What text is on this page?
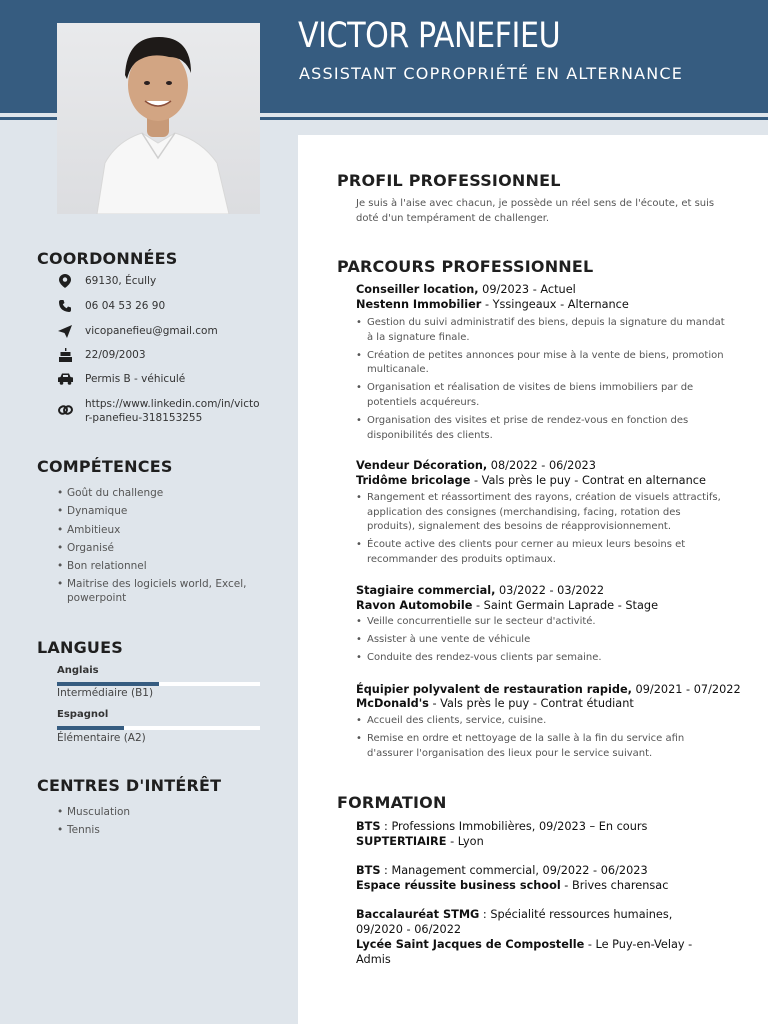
VICTOR PANEFIEU
ASSISTANT COPROPRIÉTÉ EN ALTERNANCE
COORDONNÉES
69130, Écully
06 04 53 26 90
vicopanefieu@gmail.com
22/09/2003
Permis B - véhiculé
https://www.linkedin.com/in/victor-panefieu-318153255
COMPÉTENCES
• Goût du challenge
• Dynamique
• Ambitieux
• Organisé
• Bon relationnel
• Maitrise des logiciels world, Excel, powerpoint
LANGUES
Anglais
Intermédiaire (B1)
Espagnol
Élémentaire (A2)
CENTRES D'INTÉRÊT
• Musculation
• Tennis
PROFIL PROFESSIONNEL
Je suis à l'aise avec chacun, je possède un réel sens de l'écoute, et suis doté d'un tempérament de challenger.
PARCOURS PROFESSIONNEL
Conseiller location, 09/2023 - Actuel
Nestenn Immobilier - Yssingeaux - Alternance
• Gestion du suivi administratif des biens, depuis la signature du mandat à la signature finale.
• Création de petites annonces pour mise à la vente de biens, promotion multicanale.
• Organisation et réalisation de visites de biens immobiliers par de potentiels acquéreurs.
• Organisation des visites et prise de rendez-vous en fonction des disponibilités des clients.
Vendeur Décoration, 08/2022 - 06/2023
Tridôme bricolage - Vals près le puy - Contrat en alternance
• Rangement et réassortiment des rayons, création de visuels attractifs, application des consignes (merchandising, facing, rotation des produits), signalement des besoins de réapprovisionnement.
• Écoute active des clients pour cerner au mieux leurs besoins et recommander des produits optimaux.
Stagiaire commercial, 03/2022 - 03/2022
Ravon Automobile - Saint Germain Laprade - Stage
• Veille concurrentielle sur le secteur d'activité.
• Assister à une vente de véhicule
• Conduite des rendez-vous clients par semaine.
Équipier polyvalent de restauration rapide, 09/2021 - 07/2022
McDonald's - Vals près le puy - Contrat étudiant
• Accueil des clients, service, cuisine.
• Remise en ordre et nettoyage de la salle à la fin du service afin d'assurer l'organisation des lieux pour le service suivant.
FORMATION
BTS : Professions Immobilières, 09/2023 – En cours
SUPTERTIAIRE - Lyon
BTS : Management commercial, 09/2022 - 06/2023
Espace réussite business school - Brives charensac
Baccalauréat STMG : Spécialité ressources humaines, 09/2020 - 06/2022
Lycée Saint Jacques de Compostelle - Le Puy-en-Velay - Admis
